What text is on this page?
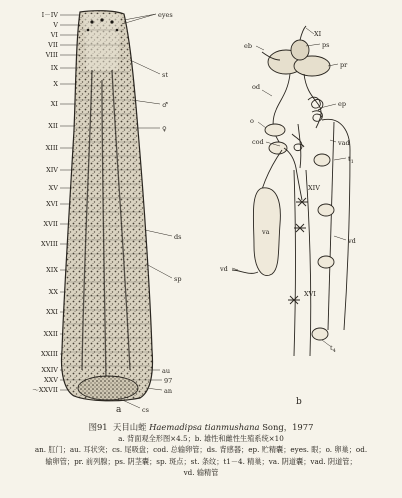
I－IV
V
VI
VII
VIII
IX
X
XI
XII
XIII
XIV
XV
XVI
XVII
XVIII
XIX
XX
XXI
XXII
XXIII
XXIV
XXV
～XXVII
eyes
st
♂
♀
ds
sp
au
97
an
cs
a
eb	ps
pr
XI
od
o
ep
cod	vad
$t_1$
XIV
va
vd
vd
XVI
$t_4$
b
图91 天目山蛭 Haemadipsa tianmushana Song，1977
a. 背面观全形图×4.5；b. 雄性和雌性生殖系统×10
an. 肛门；au. 耳状突；cs. 尾吸盘；cod. 总输卵管；ds. 背感器；ep. 贮精囊；eyes. 眼；o. 卵巢；od.
输卵管；pr. 前列腺；ps. 阴茎囊；sp. 斑点；st. 条纹；t1－4. 精巢；va. 阴道囊；vad. 阴道管；
vd. 输精管
